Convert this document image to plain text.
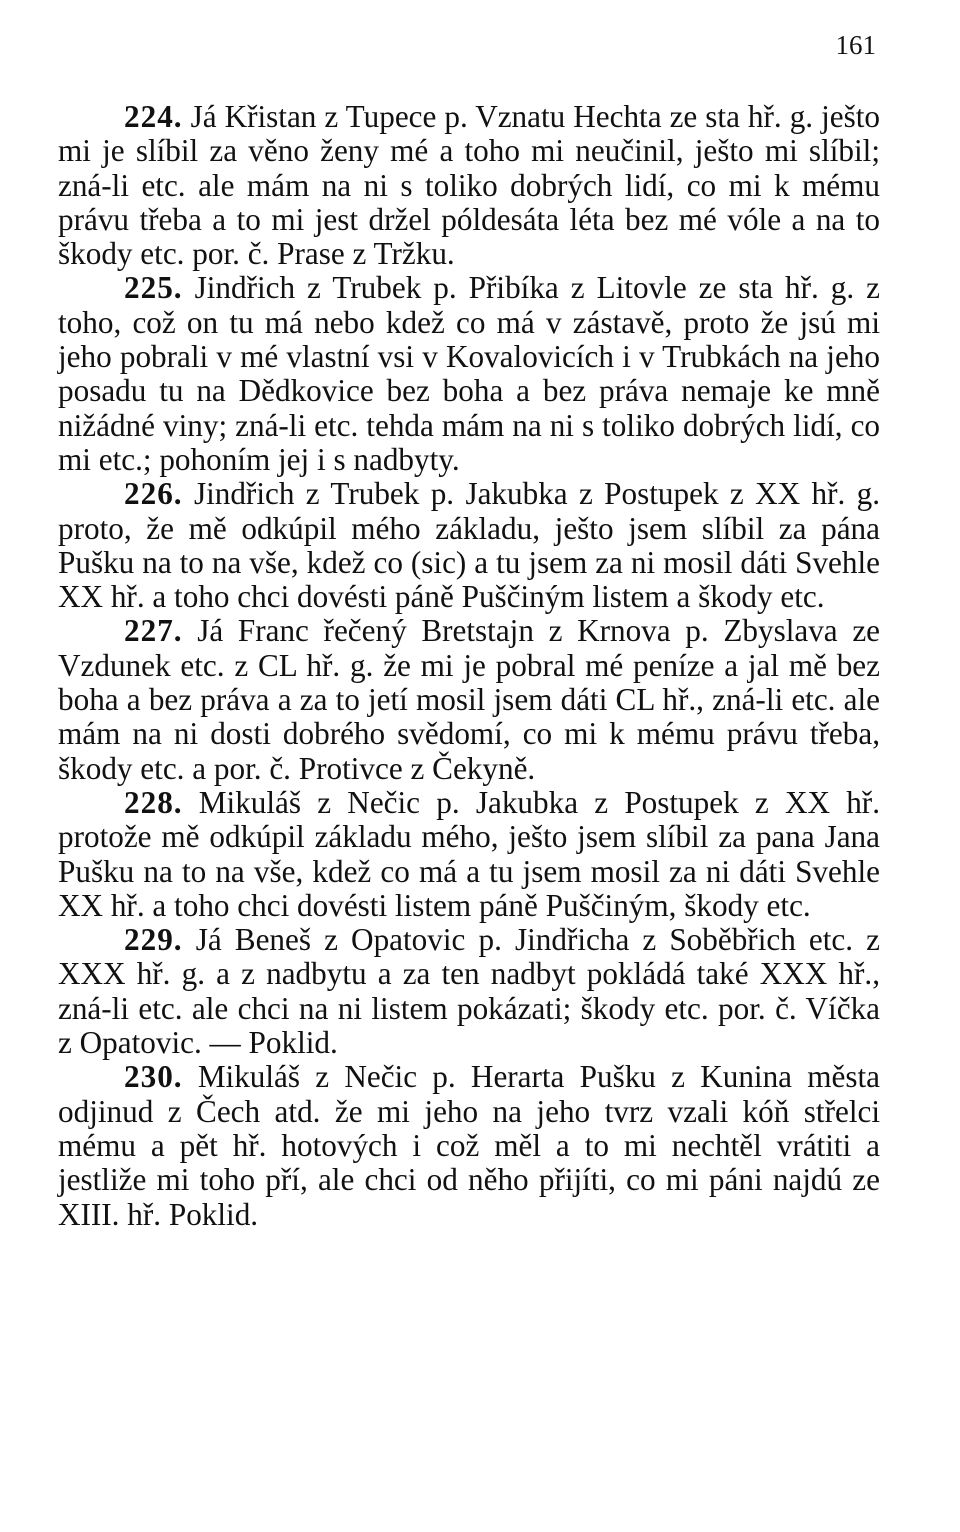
161

224. Já Křistan z Tupece p. Vznatu Hechta ze sta hř. g. ješto mi je slíbil za věno ženy mé a toho mi neučinil, ješto mi slíbil; zná-li etc. ale mám na ni s toliko dobrých lidí, co mi k mému právu třeba a to mi jest držel póldesáta léta bez mé vóle a na to škody etc. por. č. Prase z Tržku.

225. Jindřich z Trubek p. Přibíka z Litovle ze sta hř. g. z toho, což on tu má nebo kdež co má v zástavě, proto že jsú mi jeho pobrali v mé vlastní vsi v Kovalovicích i v Trubkách na jeho posadu tu na Dědkovice bez boha a bez práva nemaje ke mně nižádné viny; zná-li etc. tehda mám na ni s toliko dobrých lidí, co mi etc.; pohoním jej i s nadbyty.

226. Jindřich z Trubek p. Jakubka z Postupek z XX hř. g. proto, že mě odkúpil mého základu, ješto jsem slíbil za pána Pušku na to na vše, kdež co (sic) a tu jsem za ni mosil dáti Svehle XX hř. a toho chci dovésti páně Puščiným listem a škody etc.

227. Já Franc řečený Bretstajn z Krnova p. Zbyslava ze Vzdunek etc. z CL hř. g. že mi je pobral mé peníze a jal mě bez boha a bez práva a za to jetí mosil jsem dáti CL hř., zná-li etc. ale mám na ni dosti dobrého svědomí, co mi k mému právu třeba, škody etc. a por. č. Protivce z Čekyně.

228. Mikuláš z Nečic p. Jakubka z Postupek z XX hř. protože mě odkúpil základu mého, ješto jsem slíbil za pana Jana Pušku na to na vše, kdež co má a tu jsem mosil za ni dáti Svehle XX hř. a toho chci dovésti listem páně Puščiným, škody etc.

229. Já Beneš z Opatovic p. Jindřicha z Soběbřich etc. z XXX hř. g. a z nadbytu a za ten nadbyt pokládá také XXX hř., zná-li etc. ale chci na ni listem pokázati; škody etc. por. č. Víčka z Opatovic. — Poklid.

230. Mikuláš z Nečic p. Herarta Pušku z Kunina města odjinud z Čech atd. že mi jeho na jeho tvrz vzali kóň střelci mému a pět hř. hotových i což měl a to mi nechtěl vrátiti a jestliže mi toho pří, ale chci od něho přijíti, co mi páni najdú ze XIII. hř. Poklid.
